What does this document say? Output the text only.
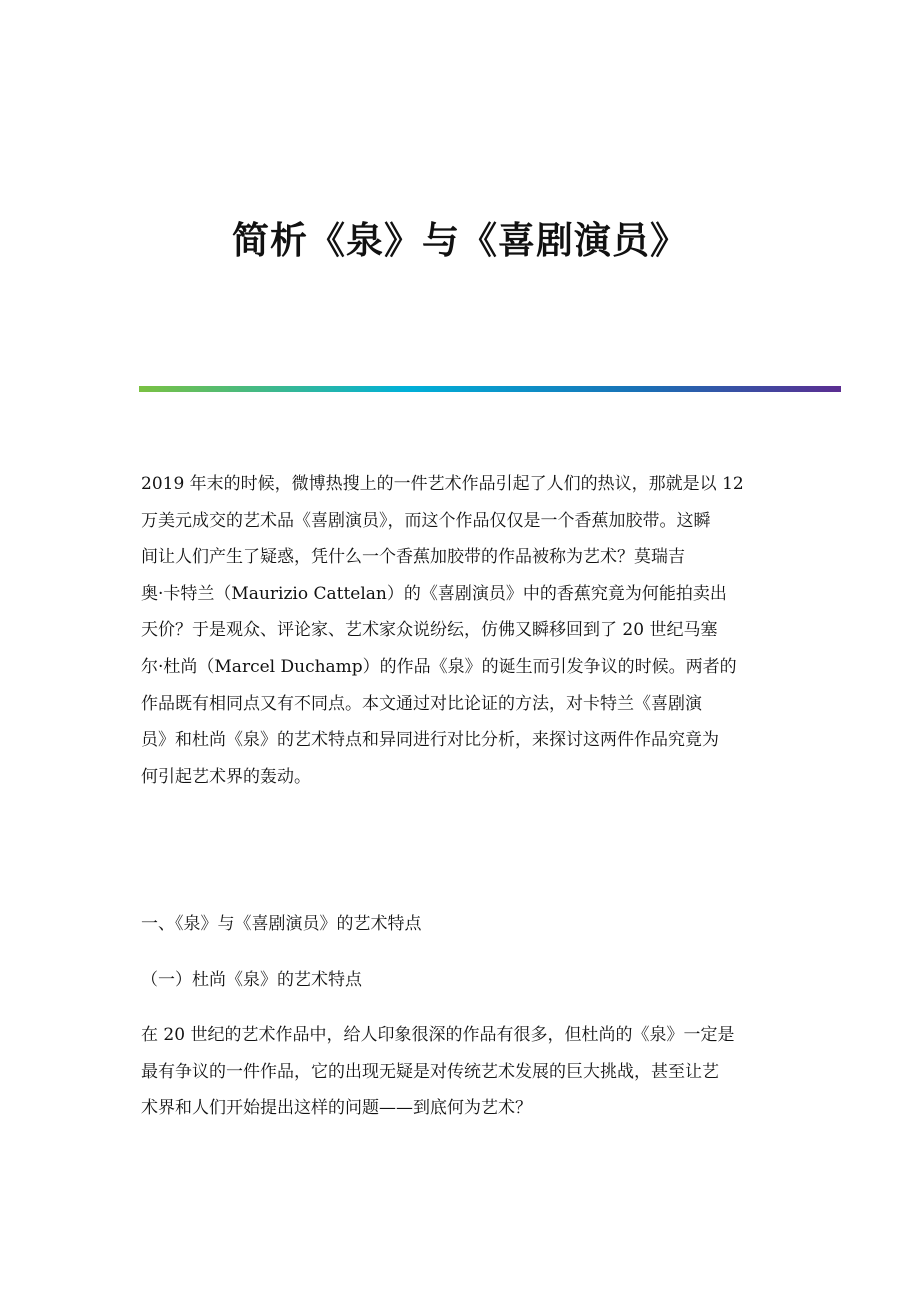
简析《泉》与《喜剧演员》
2019 年末的时候，微博热搜上的一件艺术作品引起了人们的热议，那就是以 12
万美元成交的艺术品《喜剧演员》，而这个作品仅仅是一个香蕉加胶带。这瞬
间让人们产生了疑惑，凭什么一个香蕉加胶带的作品被称为艺术？莫瑞吉
奥·卡特兰（Maurizio Cattelan）的《喜剧演员》中的香蕉究竟为何能拍卖出
天价？于是观众、评论家、艺术家众说纷纭，仿佛又瞬移回到了 20 世纪马塞
尔·杜尚（Marcel Duchamp）的作品《泉》的诞生而引发争议的时候。两者的
作品既有相同点又有不同点。本文通过对比论证的方法，对卡特兰《喜剧演
员》和杜尚《泉》的艺术特点和异同进行对比分析，来探讨这两件作品究竟为
何引起艺术界的轰动。
一、《泉》与《喜剧演员》的艺术特点
（一）杜尚《泉》的艺术特点
在 20 世纪的艺术作品中，给人印象很深的作品有很多，但杜尚的《泉》一定是
最有争议的一件作品，它的出现无疑是对传统艺术发展的巨大挑战，甚至让艺
术界和人们开始提出这样的问题——到底何为艺术？
